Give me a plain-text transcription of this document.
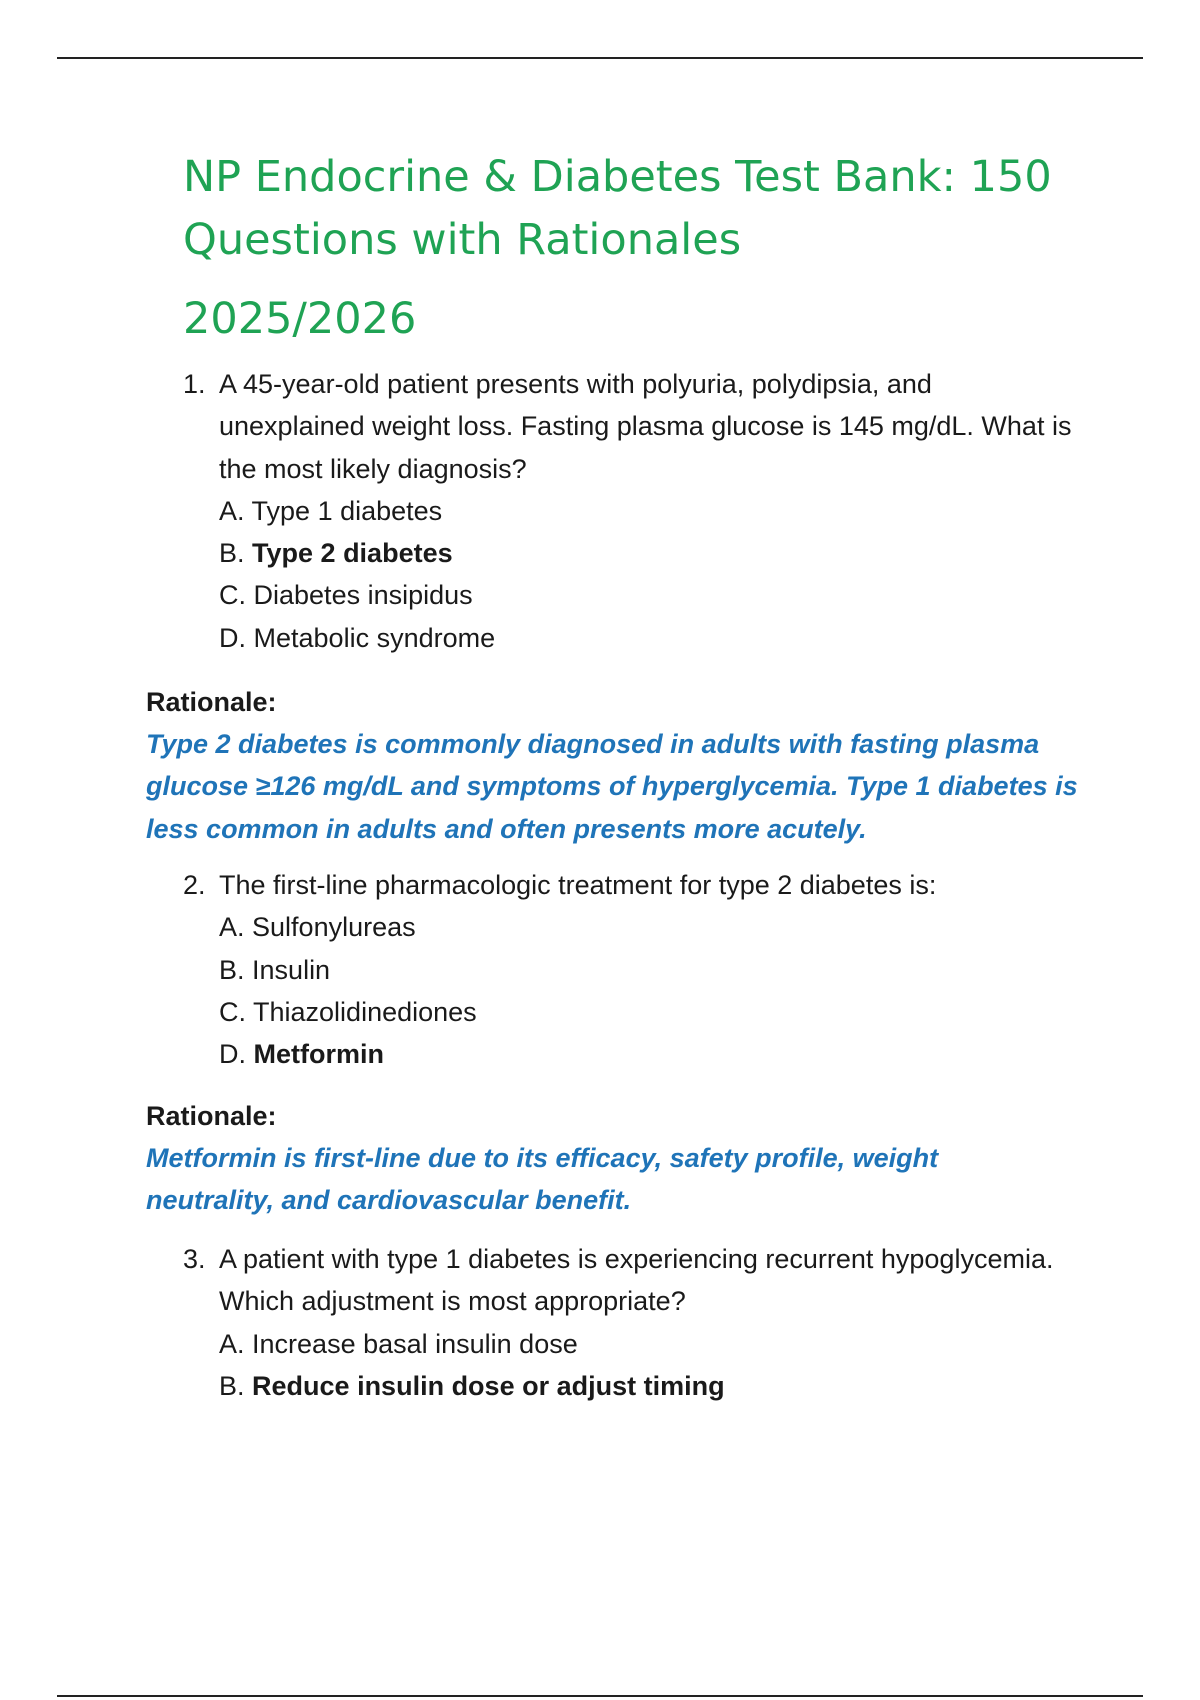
NP Endocrine & Diabetes Test Bank: 150 Questions with Rationales
2025/2026
1. A 45-year-old patient presents with polyuria, polydipsia, and unexplained weight loss. Fasting plasma glucose is 145 mg/dL. What is the most likely diagnosis?
A. Type 1 diabetes
B. Type 2 diabetes
C. Diabetes insipidus
D. Metabolic syndrome
Rationale:
Type 2 diabetes is commonly diagnosed in adults with fasting plasma glucose ≥126 mg/dL and symptoms of hyperglycemia. Type 1 diabetes is less common in adults and often presents more acutely.
2. The first-line pharmacologic treatment for type 2 diabetes is:
A. Sulfonylureas
B. Insulin
C. Thiazolidinediones
D. Metformin
Rationale:
Metformin is first-line due to its efficacy, safety profile, weight neutrality, and cardiovascular benefit.
3. A patient with type 1 diabetes is experiencing recurrent hypoglycemia. Which adjustment is most appropriate?
A. Increase basal insulin dose
B. Reduce insulin dose or adjust timing
